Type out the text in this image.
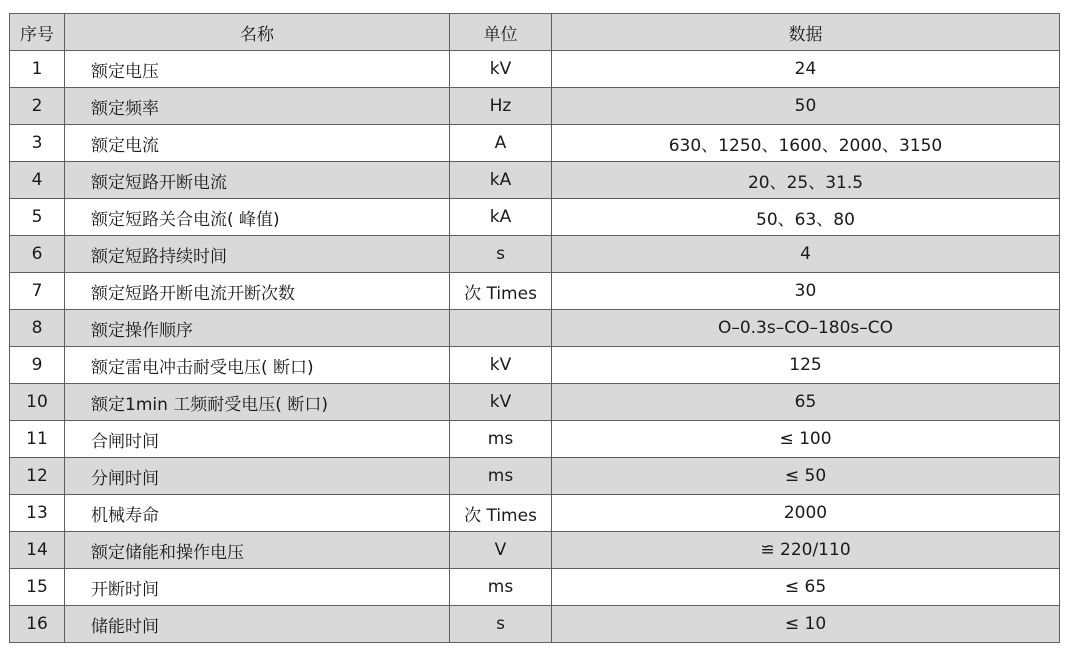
序号	名称	单位	数据
1	额定电压	kV	24
2	额定频率	Hz	50
3	额定电流	A	630、1250、1600、2000、3150
4	额定短路开断电流	kA	20、25、31.5
5	额定短路关合电流( 峰值)	kA	50、63、80
6	额定短路持续时间	s	4
7	额定短路开断电流开断次数	次 Times	30
8	额定操作顺序		O–0.3s–CO–180s–CO
9	额定雷电冲击耐受电压( 断口)	kV	125
10	额定1min 工频耐受电压( 断口)	kV	65
11	合闸时间	ms	≤ 100
12	分闸时间	ms	≤ 50
13	机械寿命	次 Times	2000
14	额定储能和操作电压	V	≌ 220/110
15	开断时间	ms	≤ 65
16	储能时间	s	≤ 10
